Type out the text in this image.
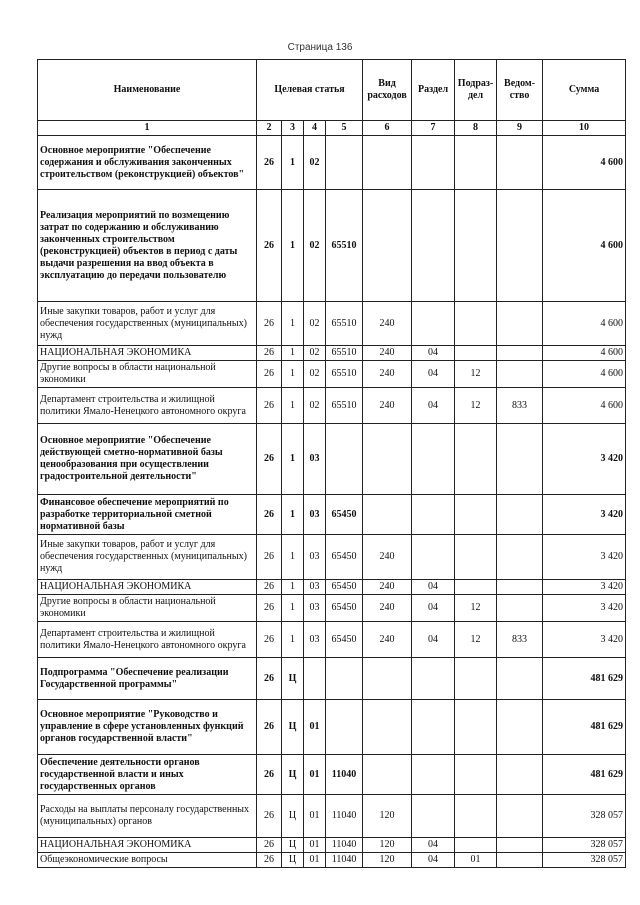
Страница 136
Наименование	Целевая статья				Вид расходов	Раздел	Подраз-дел	Ведом-ство	Сумма
1	2	3	4	5	6	7	8	9	10
Основное мероприятие "Обеспечение содержания и обслуживания законченных строительством (реконструкцией) объектов"	26	1	02						4 600
Реализация мероприятий по возмещению затрат по содержанию и обслуживанию законченных строительством (реконструкцией) объектов в период с даты выдачи разрешения на ввод объекта в эксплуатацию до передачи пользователю	26	1	02	65510					4 600
Иные закупки товаров, работ и услуг для обеспечения государственных (муниципальных) нужд	26	1	02	65510	240				4 600
НАЦИОНАЛЬНАЯ ЭКОНОМИКА	26	1	02	65510	240	04			4 600
Другие вопросы в области национальной экономики	26	1	02	65510	240	04	12		4 600
Департамент строительства и жилищной политики Ямало-Ненецкого автономного округа	26	1	02	65510	240	04	12	833	4 600
Основное мероприятие "Обеспечение действующей сметно-нормативной базы ценообразования при осуществлении градостроительной деятельности"	26	1	03						3 420
Финансовое обеспечение мероприятий по разработке территориальной сметной нормативной базы	26	1	03	65450					3 420
Иные закупки товаров, работ и услуг для обеспечения государственных (муниципальных) нужд	26	1	03	65450	240				3 420
НАЦИОНАЛЬНАЯ ЭКОНОМИКА	26	1	03	65450	240	04			3 420
Другие вопросы в области национальной экономики	26	1	03	65450	240	04	12		3 420
Департамент строительства и жилищной политики Ямало-Ненецкого автономного округа	26	1	03	65450	240	04	12	833	3 420
Подпрограмма "Обеспечение реализации Государственной программы"	26	Ц							481 629
Основное мероприятие "Руководство и управление в сфере установленных функций органов государственной власти"	26	Ц	01						481 629
Обеспечение деятельности органов государственной власти и иных государственных органов	26	Ц	01	11040					481 629
Расходы на выплаты персоналу государственных (муниципальных) органов	26	Ц	01	11040	120				328 057
НАЦИОНАЛЬНАЯ ЭКОНОМИКА	26	Ц	01	11040	120	04			328 057
Общеэкономические вопросы	26	Ц	01	11040	120	04	01		328 057
